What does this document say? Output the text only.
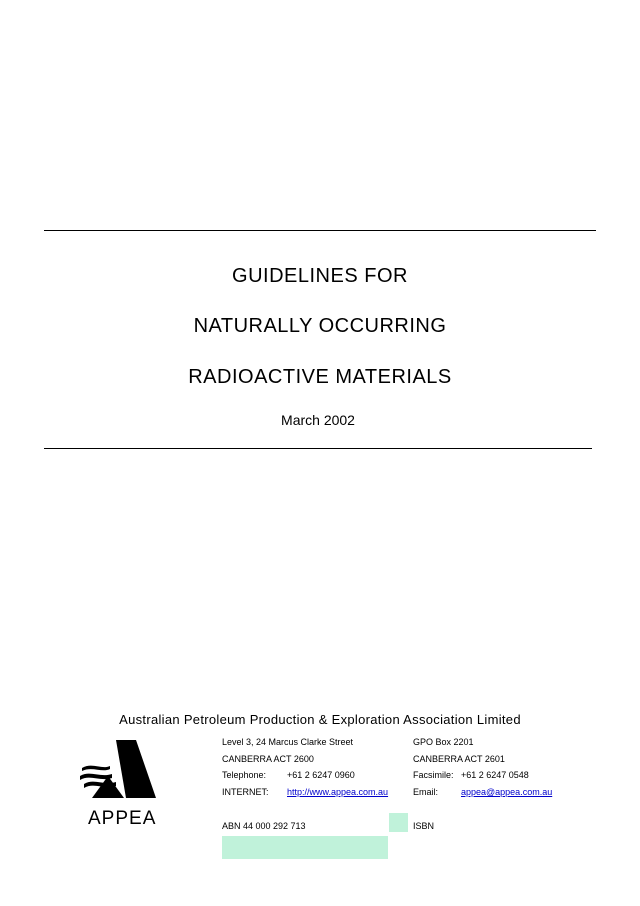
GUIDELINES FOR
NATURALLY OCCURRING
RADIOACTIVE MATERIALS
March 2002
Australian Petroleum Production & Exploration Association Limited
APPEA
Level 3, 24 Marcus Clarke Street
CANBERRA ACT 2600
Telephone: +61 2 6247 0960
INTERNET: http://www.appea.com.au
GPO Box 2201
CANBERRA ACT 2601
Facsimile: +61 2 6247 0548
Email:	appea@appea.com.au
ABN 44 000 292 713	ISBN
